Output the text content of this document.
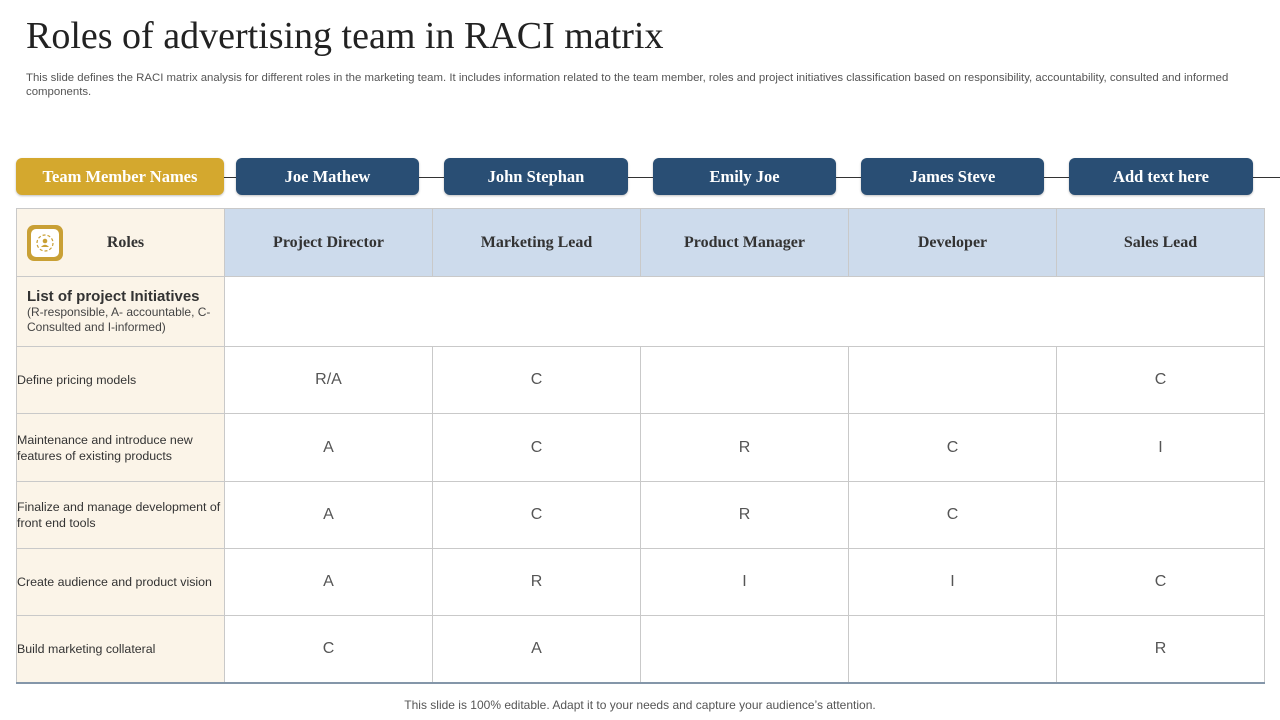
Roles of advertising team in RACI matrix
This slide defines the RACI matrix analysis for different roles in the marketing team. It includes information related to the team member, roles and project initiatives classification based on responsibility, accountability, consulted and informed components.
Team Member Names	Joe Mathew	John Stephan	Emily Joe	James Steve	Add text here
Roles	Project Director	Marketing Lead	Product Manager	Developer	Sales Lead

List of project Initiatives
(R-responsible, A- accountable, C- Consulted and I-informed)					

Define pricing models	R/A	C			C
Maintenance and introduce new features of existing products	A	C	R	C	I
Finalize and manage development of front end tools	A	C	R	C	
Create audience and product vision	A	R	I	I	C
Build marketing collateral	C	A			R
This slide is 100% editable. Adapt it to your needs and capture your audience’s attention.
